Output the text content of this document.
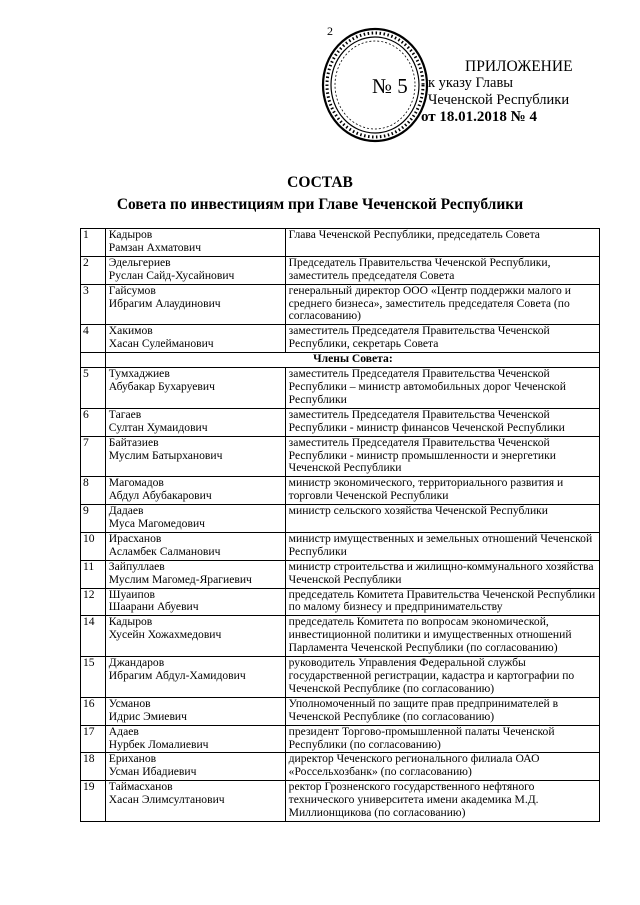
2
№ 5
ПРИЛОЖЕНИЕ
к указу Главы
Чеченской Республики
от 18.01.2018 № 4
СОСТАВ
Совета по инвестициям при Главе Чеченской Республики
1	Кадыров
Рамзан Ахматович	Глава Чеченской Республики, председатель Совета
2	Эдельгериев
Руслан Сайд-Хусайнович	Председатель Правительства Чеченской Республики, заместитель председателя Совета
3	Гайсумов
Ибрагим Алаудинович	генеральный директор ООО «Центр поддержки малого и среднего бизнеса», заместитель председателя Совета (по согласованию)
4	Хакимов
Хасан Сулейманович	заместитель Председателя Правительства Чеченской Республики, секретарь Совета
	Члены Совета:	
5	Тумхаджиев
Абубакар Бухаруевич	заместитель Председателя Правительства Чеченской Республики – министр автомобильных дорог Чеченской Республики
6	Тагаев
Султан Хумаидович	заместитель Председателя Правительства Чеченской Республики - министр финансов Чеченской Республики
7	Байтазиев
Муслим Батырханович	заместитель Председателя Правительства Чеченской Республики - министр промышленности и энергетики Чеченской Республики
8	Магомадов
Абдул Абубакарович	министр экономического, территориального развития и торговли Чеченской Республики
9	Дадаев
Муса Магомедович	министр сельского хозяйства Чеченской Республики
10	Ирасханов
Асламбек Салманович	министр имущественных и земельных отношений Чеченской Республики
11	Зайпуллаев
Муслим Магомед-Ярагиевич	министр строительства и жилищно-коммунального хозяйства Чеченской Республики
12	Шуаипов
Шаарани Абуевич	председатель Комитета Правительства Чеченской Республики по малому бизнесу и предпринимательству
14	Кадыров
Хусейн Хожахмедович	председатель Комитета по вопросам экономической, инвестиционной политики и имущественных отношений Парламента Чеченской Республики (по согласованию)
15	Джандаров
Ибрагим Абдул-Хамидович	руководитель Управления Федеральной службы государственной регистрации, кадастра и картографии по Чеченской Республике (по согласованию)
16	Усманов
Идрис Эмиевич	Уполномоченный по защите прав предпринимателей в Чеченской Республике (по согласованию)
17	Адаев
Нурбек Ломалиевич	президент Торгово-промышленной палаты Чеченской Республики (по согласованию)
18	Ериханов
Усман Ибадиевич	директор Чеченского регионального филиала ОАО «Россельхозбанк» (по согласованию)
19	Таймасханов
Хасан Элимсултанович	ректор Грозненского государственного нефтяного технического университета имени академика М.Д. Миллионщикова (по согласованию)
